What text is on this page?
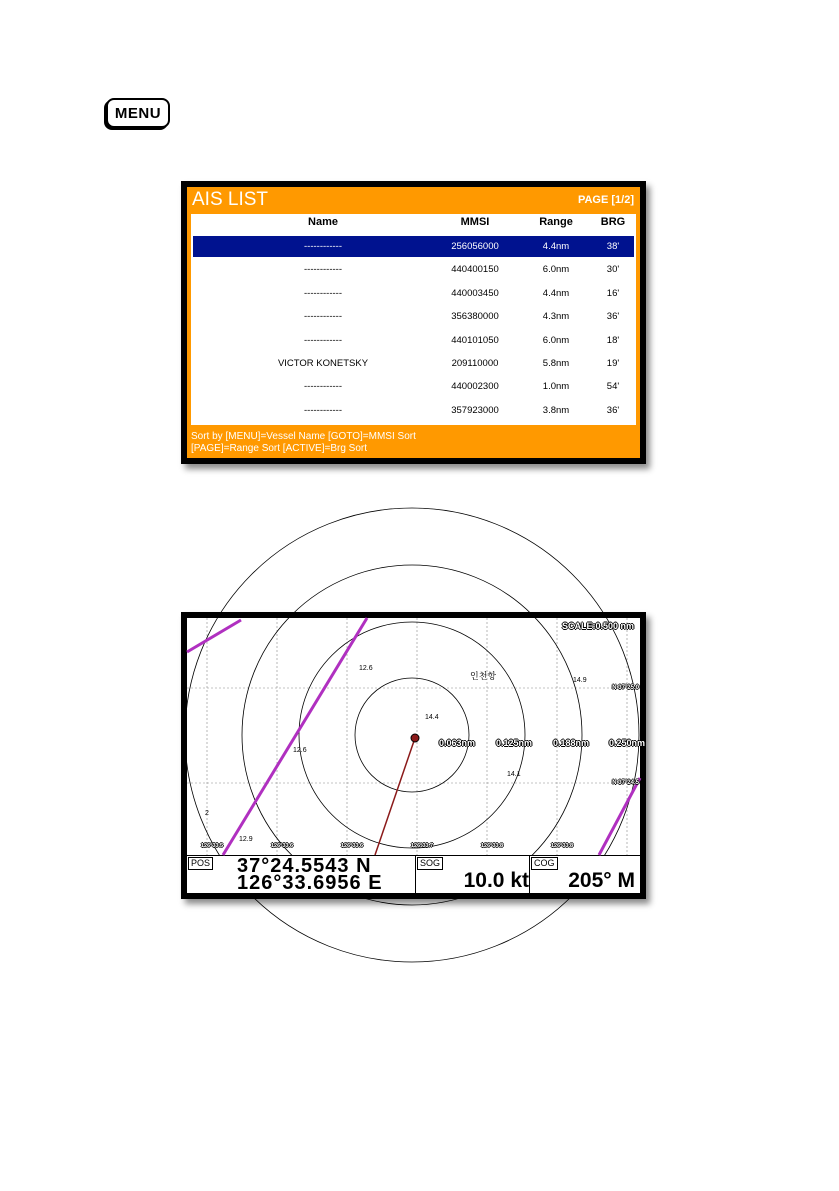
MENU
AIS LIST	PAGE [1/2]
Name	MMSI	Range	BRG
------------	256056000	4.4nm	38'
------------	440400150	6.0nm	30'
------------	440003450	4.4nm	16'
------------	356380000	4.3nm	36'
------------	440101050	6.0nm	18'
VICTOR KONETSKY	209110000	5.8nm	19'
------------	440002300	1.0nm	54'
------------	357923000	3.8nm	36'
Sort by [MENU]=Vessel Name [GOTO]=MMSI Sort
[PAGE]=Range Sort [ACTIVE]=Brg Sort
SCALE:0.500 nm
인천항
12.6
14.9
14.4
12.6
14.1
12.9
2
0.063nm 0.125nm 0.188nm 0.250nm
N 37°25.0
N 37°24.5
126°33.5	126°33.6	126°33.6	126°33.7	126°33.8	126°33.8
POS 37°24.5543 N
126°33.6956 E
SOG
10.0 kt
COG
205° M
